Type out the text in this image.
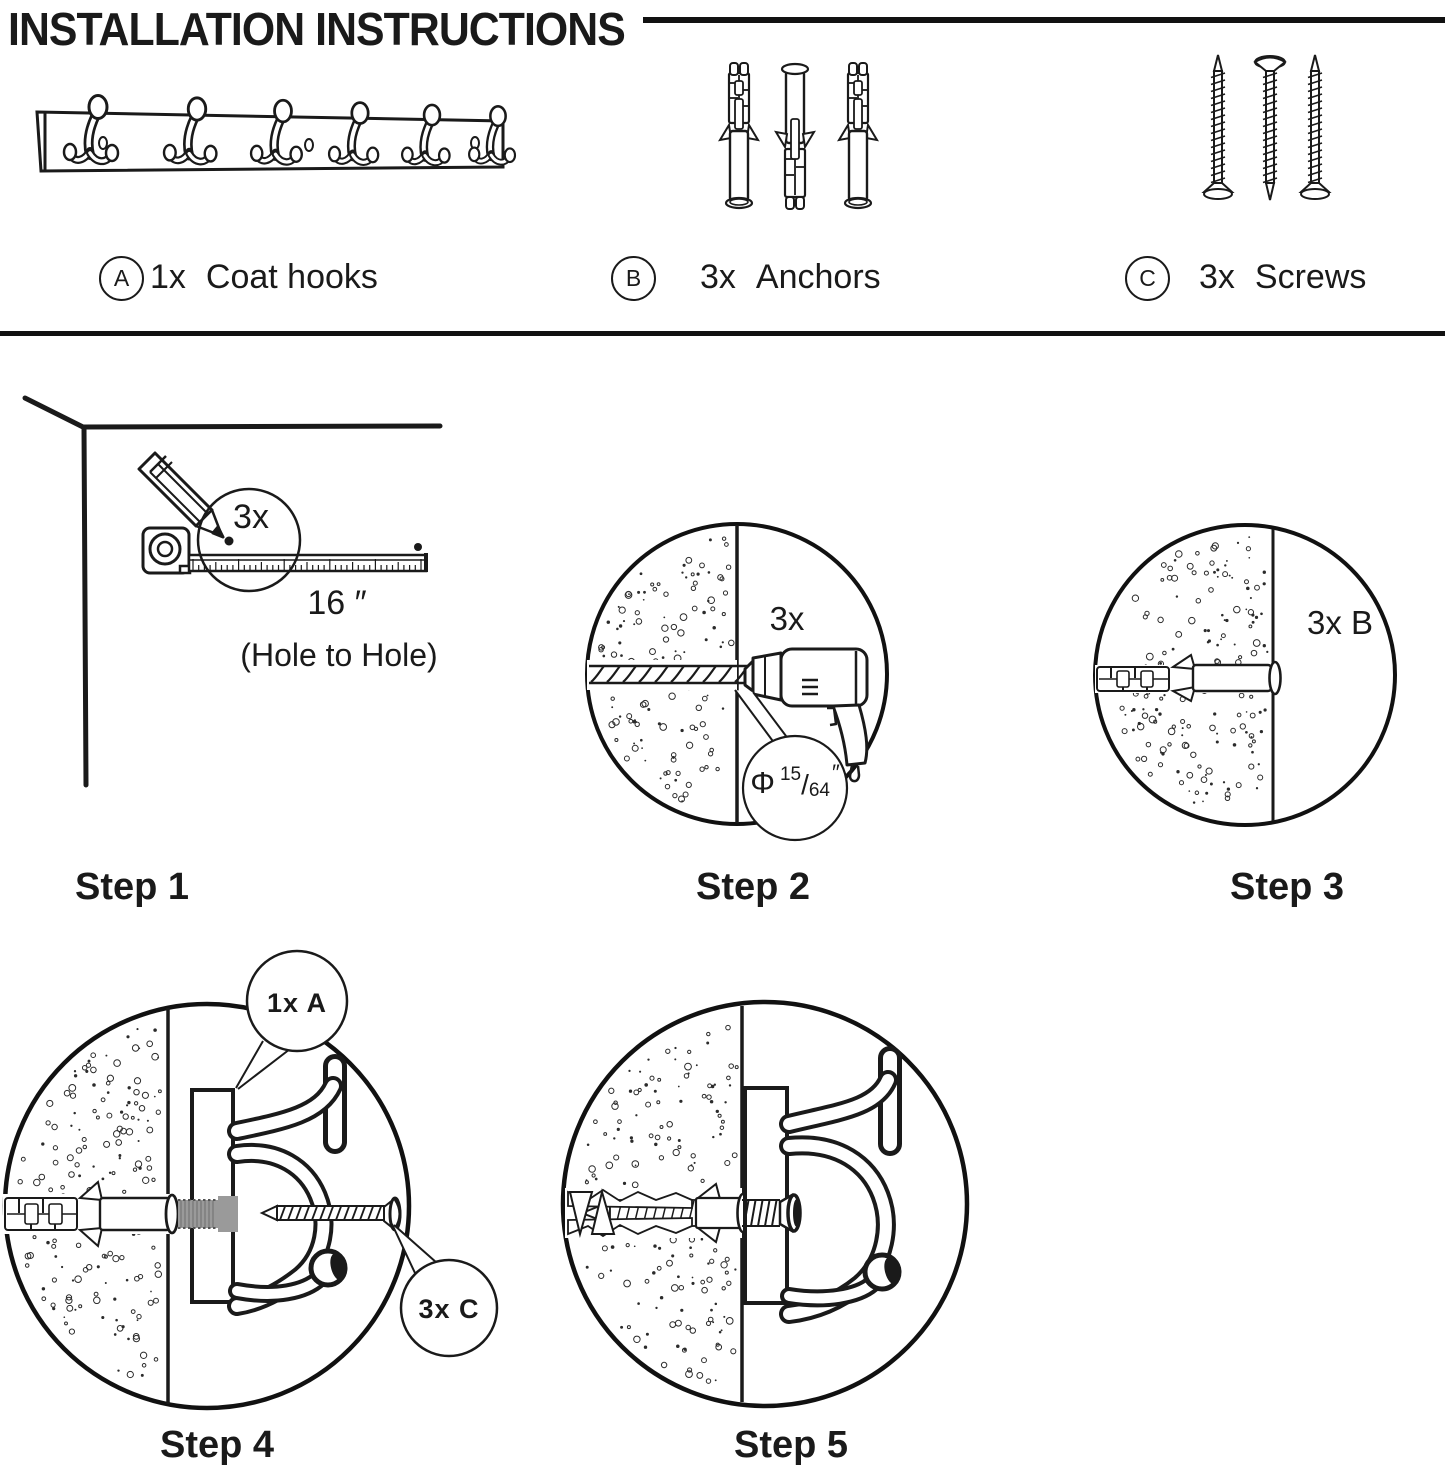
INSTALLATION INSTRUCTIONS
A 1x Coat hooks	B 3x Anchors	C 3x Screws
3x
16 ″
(Hole to Hole)
3x
Φ 15 / 64
″
3x B
1x A
3x C
Step 1	Step 2	Step 3
Step 4	Step 5
